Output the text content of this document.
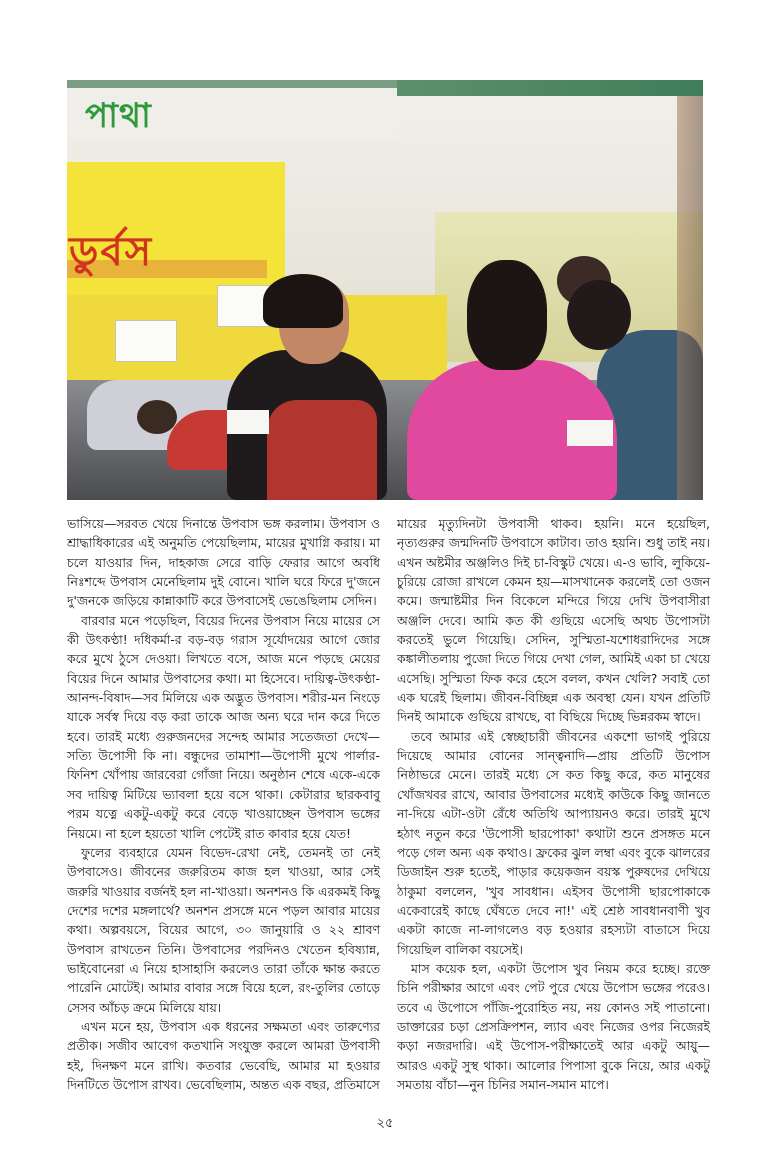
পাথা
ডুর্বস

ভাসিয়ে—সরবত খেয়ে দিনান্তে উপবাস ভঙ্গ করলাম। উপবাস ও শ্রাদ্ধাধিকারের এই অনুমতি পেয়েছিলাম, মায়ের মুখাগ্নি করায়। মা চলে যাওয়ার দিন, দাহকাজ সেরে বাড়ি ফেরার আগে অবধি নিঃশব্দে উপবাস মেনেছিলাম দুই বোনে। খালি ঘরে ফিরে দু'জনে দু'জনকে জড়িয়ে কান্নাকাটি করে উপবাসেই ভেঙেছিলাম সেদিন।

বারবার মনে পড়েছিল, বিয়ের দিনের উপবাস নিয়ে মায়ের সে কী উৎকণ্ঠা! দধিকর্মা-র বড়-বড় গরাস সূর্যোদয়ের আগে জোর করে মুখে ঠুসে দেওয়া। লিখতে বসে, আজ মনে পড়ছে মেয়ের বিয়ের দিনে আমার উপবাসের কথা। মা হিসেবে। দায়িত্ব-উৎকণ্ঠা-আনন্দ-বিষাদ—সব মিলিয়ে এক অদ্ভুত উপবাস। শরীর-মন নিংড়ে যাকে সর্বস্ব দিয়ে বড় করা তাকে আজ অন্য ঘরে দান করে দিতে হবে। তারই মধ্যে গুরুজনদের সন্দেহ আমার সতেজতা দেখে—সত্যি উপোসী কি না। বন্ধুদের তামাশা—উপোসী মুখে পার্লার-ফিনিশ খোঁপায় জারবেরা গোঁজা নিয়ে। অনুষ্ঠান শেষে একে-একে সব দায়িত্ব মিটিয়ে ভ্যাবলা হয়ে বসে থাকা। কেটারার ছারকবাবু পরম যত্নে একটু-একটু করে বেড়ে খাওয়াচ্ছেন উপবাস ভঙ্গের নিয়মে। না হলে হয়তো খালি পেটেই রাত কাবার হয়ে যেত!

ফুলের ব্যবহারে যেমন বিভেদ-রেখা নেই, তেমনই তা নেই উপবাসেও। জীবনের জরুরিতম কাজ হল খাওয়া, আর সেই জরুরি খাওয়ার বর্জনই হল না-খাওয়া। অনশনও কি এরকমই কিছু দেশের দশের মঙ্গলার্থে? অনশন প্রসঙ্গে মনে পড়ল আবার মায়ের কথা। অল্পবয়সে, বিয়ের আগে, ৩০ জানুয়ারি ও ২২ শ্রাবণ উপবাস রাখতেন তিনি। উপবাসের পরদিনও খেতেন হবিষ্যান্ন, ভাইবোনেরা এ নিয়ে হাসাহাসি করলেও তারা তাঁকে ক্ষান্ত করতে পারেনি মোটেই। আমার বাবার সঙ্গে বিয়ে হলে, রং-তুলির তোড়ে সেসব আঁচড় ক্রমে মিলিয়ে যায়।

এখন মনে হয়, উপবাস এক ধরনের সক্ষমতা এবং তারুণ্যের প্রতীক। সজীব আবেগ কতখানি সংযুক্ত করলে আমরা উপবাসী হই, দিনক্ষণ মনে রাখি। কতবার ভেবেছি, আমার মা হওয়ার দিনটিতে উপোস রাখব। ভেবেছিলাম, অন্তত এক বছর, প্রতিমাসে

মায়ের মৃত্যুদিনটা উপবাসী থাকব। হয়নি। মনে হয়েছিল, নৃত্যগুরুর জন্মদিনটি উপবাসে কাটাব। তাও হয়নি। শুধু তাই নয়। এখন অষ্টমীর অঞ্জলিও দিই চা-বিস্কুট খেয়ে। এ-ও ভাবি, লুকিয়ে-চুরিয়ে রোজা রাখলে কেমন হয়—মাসখানেক করলেই তো ওজন কমে। জন্মাষ্টমীর দিন বিকেলে মন্দিরে গিয়ে দেখি উপবাসীরা অঞ্জলি দেবে। আমি কত কী গুছিয়ে এসেছি অথচ উপোসটা করতেই ভুলে গিয়েছি। সেদিন, সুস্মিতা-যশোধরাদিদের সঙ্গে কঙ্কালীতলায় পুজো দিতে গিয়ে দেখা গেল, আমিই একা চা খেয়ে এসেছি। সুস্মিতা ফিক করে হেসে বলল, কখন খেলি? সবাই তো এক ঘরেই ছিলাম। জীবন-বিচ্ছিন্ন এক অবস্থা যেন। যখন প্রতিটি দিনই আমাকে গুছিয়ে রাখছে, বা বিছিয়ে দিচ্ছে ভিন্নরকম স্বাদে।

তবে আমার এই স্বেচ্ছাচারী জীবনের একশো ভাগই পুরিয়ে দিয়েছে আমার বোনের সান্ত্বনাদি—প্রায় প্রতিটি উপোস নিষ্ঠাভরে মেনে। তারই মধ্যে সে কত কিছু করে, কত মানুষের খোঁজখবর রাখে, আবার উপবাসের মধ্যেই কাউকে কিছু জানতে না-দিয়ে এটা-ওটা রেঁধে অতিথি আপ্যায়নও করে। তারই মুখে হঠাৎ নতুন করে 'উপোসী ছারপোকা' কথাটা শুনে প্রসঙ্গত মনে পড়ে গেল অন্য এক কথাও। ফ্রকের ঝুল লম্বা এবং বুকে ঝালরের ডিজাইন শুরু হতেই, পাড়ার কয়েকজন বয়স্ক পুরুষদের দেখিয়ে ঠাকুমা বললেন, 'খুব সাবধান। এইসব উপোসী ছারপোকাকে একেবারেই কাছে ঘেঁষতে দেবে না!' এই শ্রেষ্ঠ সাবধানবাণী খুব একটা কাজে না-লাগলেও বড় হওয়ার রহস্যটা বাতাসে দিয়ে গিয়েছিল বালিকা বয়সেই।

মাস কয়েক হল, একটা উপোস খুব নিয়ম করে হচ্ছে। রক্তে চিনি পরীক্ষার আগে এবং পেট পুরে খেয়ে উপোস ভঙ্গের পরেও। তবে এ উপোসে পাঁজি-পুরোহিত নয়, নয় কোনও সই পাতানো। ডাক্তারের চড়া প্রেসক্রিপশন, ল্যাব এবং নিজের ওপর নিজেরই কড়া নজরদারি। এই উপোস-পরীক্ষাতেই আর একটু আয়ু—আরও একটু সুস্থ থাকা। আলোর পিপাসা বুকে নিয়ে, আর একটু সমতায় বাঁচা—নুন চিনির সমান-সমান মাপে।

২৫
